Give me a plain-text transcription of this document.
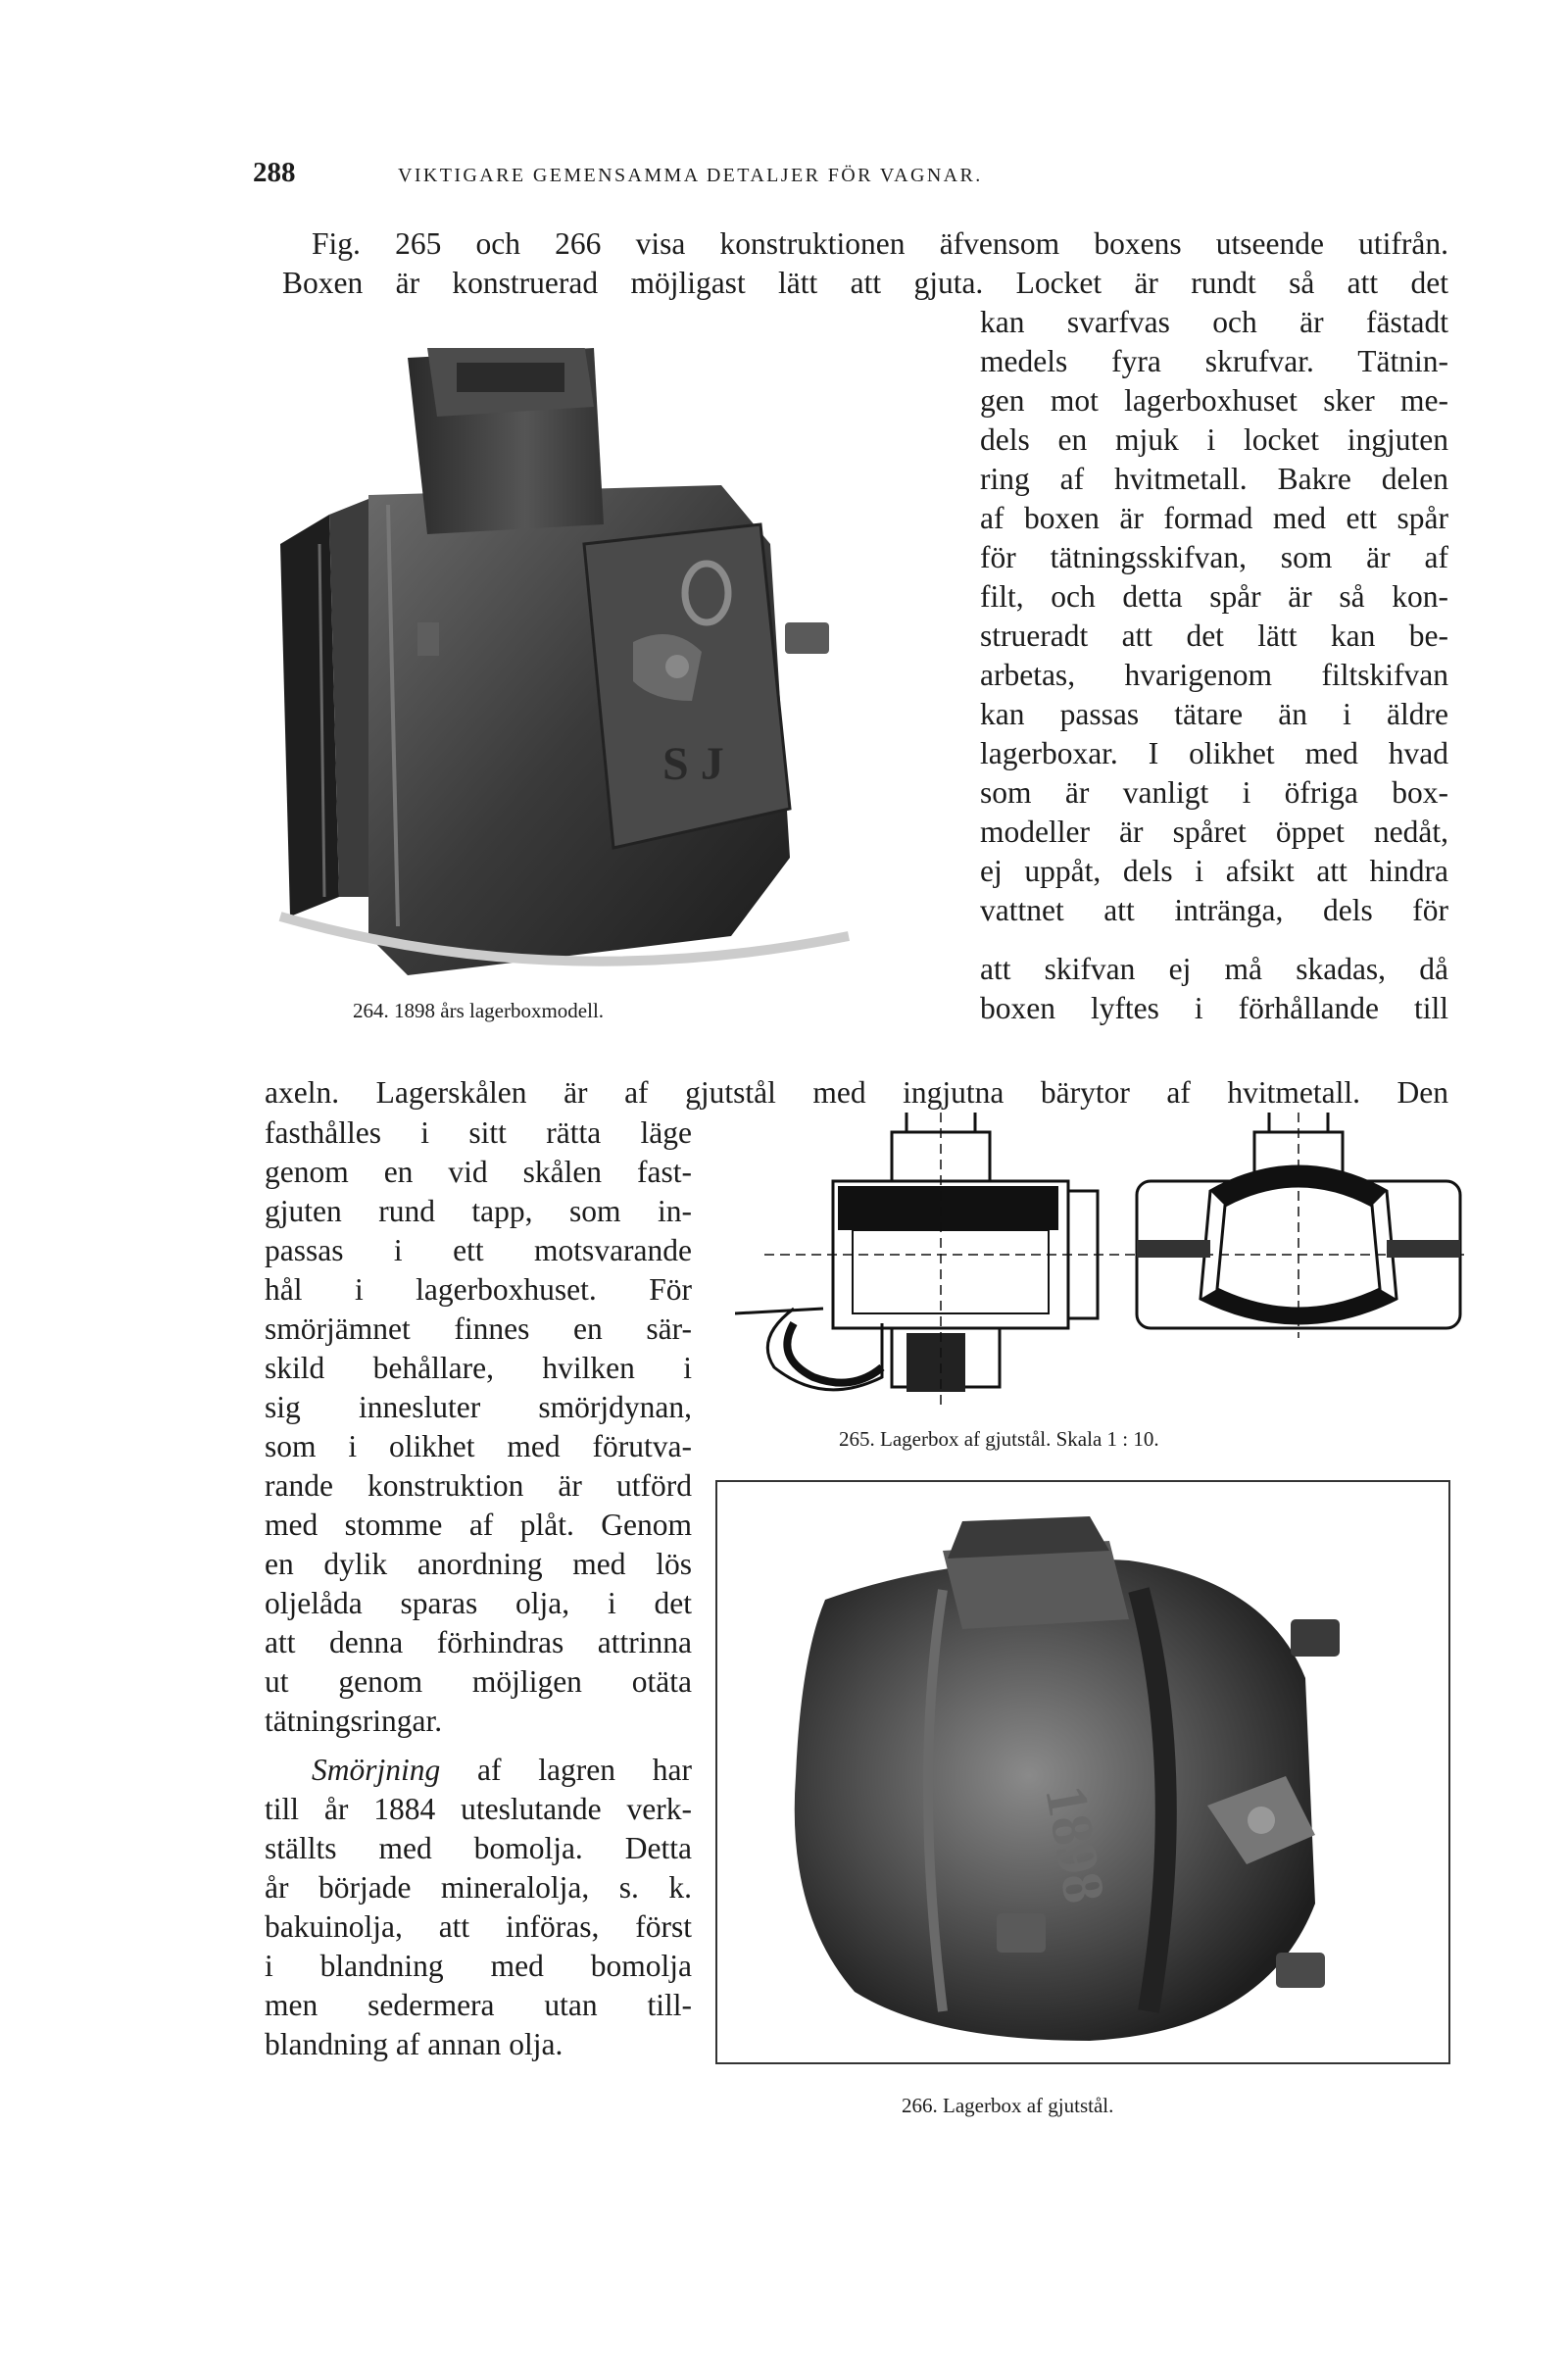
288	VIKTIGARE GEMENSAMMA DETALJER FÖR VAGNAR.
Fig. 265 och 266 visa konstruktionen äfvensom boxens utseende utifrån.
Boxen är konstruerad möjligast lätt att gjuta. Locket är rundt så att det
S J
kan svarfvas och är fästadt
medels fyra skrufvar. Tätnin-
gen mot lagerboxhuset sker me-
dels en mjuk i locket ingjuten
ring af hvitmetall. Bakre delen
af boxen är formad med ett spår
för tätningsskifvan, som är af
filt, och detta spår är så kon-
strueradt att det lätt kan be-
arbetas, hvarigenom filtskifvan
kan passas tätare än i äldre
lagerboxar. I olikhet med hvad
som är vanligt i öfriga box-
modeller är spåret öppet nedåt,
ej uppåt, dels i afsikt att hindra
vattnet att intränga, dels för
att skifvan ej må skadas, då
boxen lyftes i förhållande till
264. 1898 års lagerboxmodell.
axeln. Lagerskålen är af gjutstål med ingjutna bärytor af hvitmetall. Den
265. Lagerbox af gjutstål. Skala 1 : 10.
fasthålles i sitt rätta läge
genom en vid skålen fast-
gjuten rund tapp, som in-
passas i ett motsvarande
hål i lagerboxhuset. För
smörjämnet finnes en sär-
skild behållare, hvilken i
sig innesluter smörjdynan,
som i olikhet med förutva-
rande konstruktion är utförd
med stomme af plåt. Genom
en dylik anordning med lös
oljelåda sparas olja, i det
att denna förhindras attrinna
ut genom möjligen otäta
tätningsringar.
Smörjning af lagren har
till år 1884 uteslutande verk-
ställts med bomolja. Detta
år började mineralolja, s. k.
bakuinolja, att införas, först
i blandning med bomolja
men sedermera utan till-
blandning af annan olja.
1898
266. Lagerbox af gjutstål.
